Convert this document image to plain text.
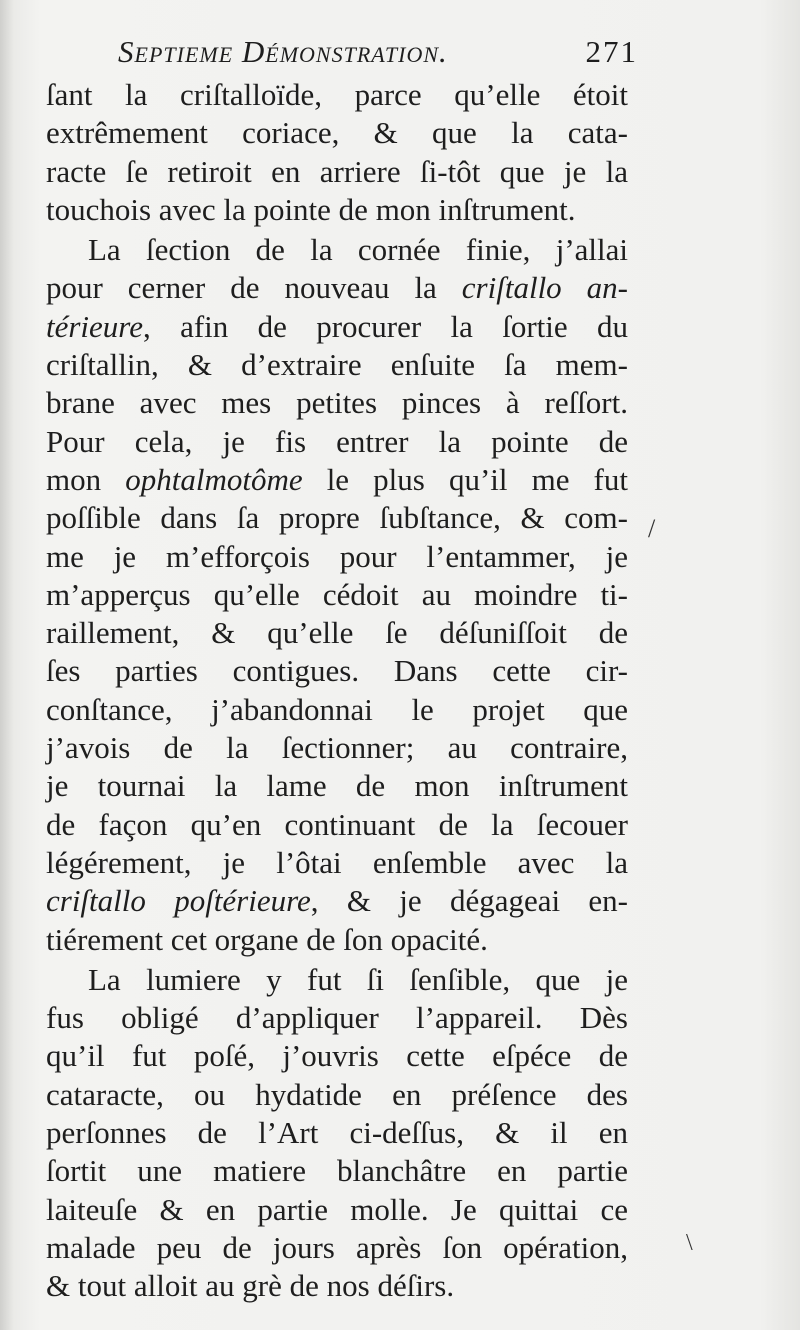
Septieme Démonstration.	271
ſant la criſtalloïde, parce qu’elle étoit
extrêmement coriace, & que la cata-
racte ſe retiroit en arriere ſi-tôt que je la
touchois avec la pointe de mon inſtrument.
La ſection de la cornée finie, j’allai
pour cerner de nouveau la criſtallo an-
térieure, afin de procurer la ſortie du
criſtallin, & d’extraire enſuite ſa mem-
brane avec mes petites pinces à reſſort.
Pour cela, je fis entrer la pointe de
mon ophtalmotôme le plus qu’il me fut
poſſible dans ſa propre ſubſtance, & com-
me je m’efforçois pour l’entammer, je
m’apperçus qu’elle cédoit au moindre ti-
raillement, & qu’elle ſe déſuniſſoit de
ſes parties contigues. Dans cette cir-
conſtance, j’abandonnai le projet que
j’avois de la ſectionner; au contraire,
je tournai la lame de mon inſtrument
de façon qu’en continuant de la ſecouer
légérement, je l’ôtai enſemble avec la
criſtallo poſtérieure, & je dégageai en-
tiérement cet organe de ſon opacité.
La lumiere y fut ſi ſenſible, que je
fus obligé d’appliquer l’appareil. Dès
qu’il fut poſé, j’ouvris cette eſpéce de
cataracte, ou hydatide en préſence des
perſonnes de l’Art ci-deſſus, & il en
ſortit une matiere blanchâtre en partie
laiteuſe & en partie molle. Je quittai ce
malade peu de jours après ſon opération,
& tout alloit au grè de nos déſirs.
/
\
